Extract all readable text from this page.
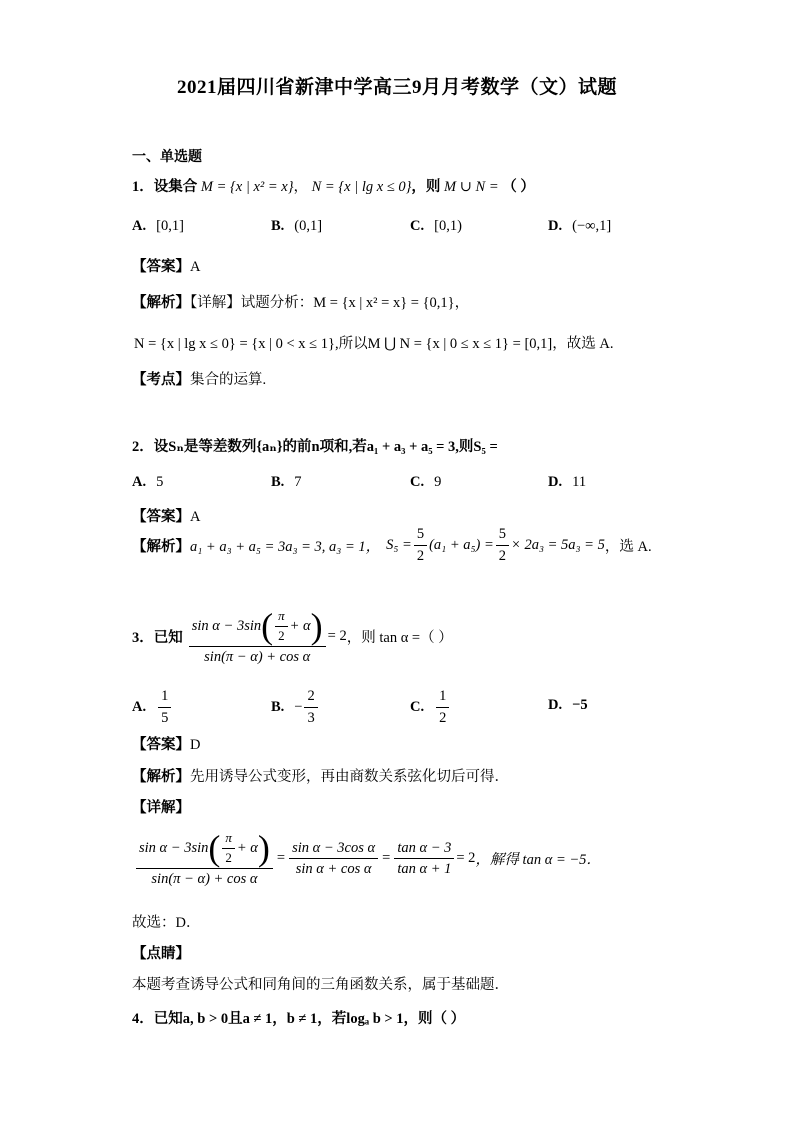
2021届四川省新津中学高三9月月考数学（文）试题
一、单选题
1．设集合 M = {x | x² = x}， N = {x | lg x ≤ 0}，则 M ∪ N = （ ）
A. [0,1]	B. (0,1]	C. [0,1)	D. (−∞,1]
【答案】A
【解析】【详解】试题分析：M = {x | x² = x} = {0,1}，
N = {x | lg x ≤ 0} = {x | 0 < x ≤ 1},所以M ⋃ N = {x | 0 ≤ x ≤ 1} = [0,1]，故选 A.
【考点】集合的运算.
2．设Sₙ是等差数列{aₙ}的前n项和,若a₁ + a₃ + a₅ = 3,则S₅ =
A. 5	B. 7	C. 9	D. 11
【答案】A
【解析】 a₁ + a₃ + a₅ = 3a₃ = 3, a₃ = 1， $S_5 = \frac{5}{2} (a_1 + a_5) = \frac{5}{2} \times 2a_3 = 5a_3 = 5$ ，选 A.
3． 已知 $\frac{\sin \alpha - 3\sin ( \frac{\pi}{2} + \alpha )}{\text{sin(π − α) + cos α}} = 2$ ，则 tan α =（ ）
A. $\frac{1}{5}$	B. − $\frac{2}{3}$	C. $\frac{1}{2}$	D. −5
【答案】D
【解析】先用诱导公式变形，再由商数关系弦化切后可得．
【详解】
$\frac{\sin \alpha - 3\sin ( \frac{\pi}{2} + \alpha )}{\text{sin(π − α) + cos α}} = \frac{\text{sin α − 3cos α}}{\text{sin α + cos α}} = \frac{\text{tan α − 3}}{\text{tan α + 1}} = 2$ ，解得 tan α = −5．
故选：D．
【点睛】
本题考查诱导公式和同角间的三角函数关系，属于基础题．
4．已知a, b > 0且a ≠ 1，b ≠ 1，若logₐ b > 1，则（ ）
